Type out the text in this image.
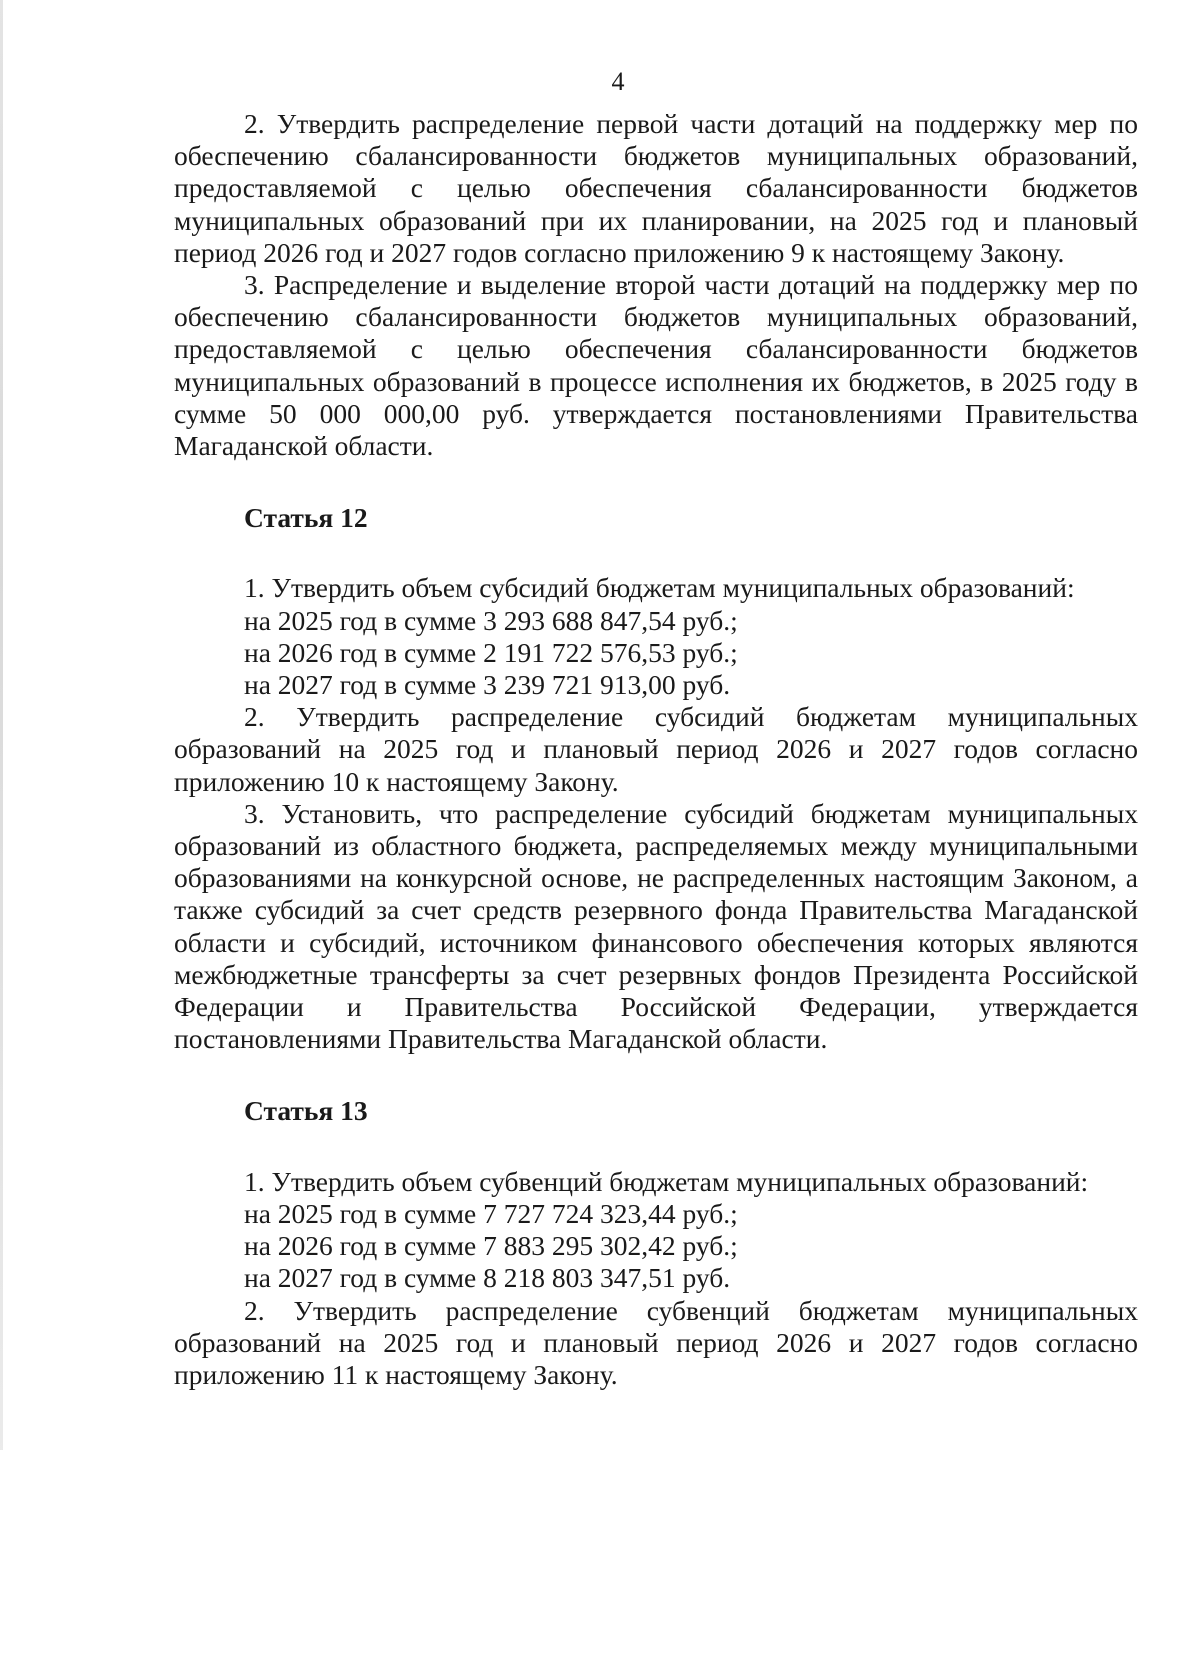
4

2. Утвердить распределение первой части дотаций на поддержку мер по обеспечению сбалансированности бюджетов муниципальных образований, предоставляемой с целью обеспечения сбалансированности бюджетов муниципальных образований при их планировании, на 2025 год и плановый период 2026 год и 2027 годов согласно приложению 9 к настоящему Закону.

3. Распределение и выделение второй части дотаций на поддержку мер по обеспечению сбалансированности бюджетов муниципальных образований, предоставляемой с целью обеспечения сбалансированности бюджетов муниципальных образований в процессе исполнения их бюджетов, в 2025 году в сумме 50 000 000,00 руб. утверждается постановлениями Правительства Магаданской области.

Статья 12

1. Утвердить объем субсидий бюджетам муниципальных образований:

на 2025 год в сумме 3 293 688 847,54 руб.;

на 2026 год в сумме 2 191 722 576,53 руб.;

на 2027 год в сумме 3 239 721 913,00 руб.

2. Утвердить распределение субсидий бюджетам муниципальных образований на 2025 год и плановый период 2026 и 2027 годов согласно приложению 10 к настоящему Закону.

3. Установить, что распределение субсидий бюджетам муниципальных образований из областного бюджета, распределяемых между муниципальными образованиями на конкурсной основе, не распределенных настоящим Законом, а также субсидий за счет средств резервного фонда Правительства Магаданской области и субсидий, источником финансового обеспечения которых являются межбюджетные трансферты за счет резервных фондов Президента Российской Федерации и Правительства Российской Федерации, утверждается постановлениями Правительства Магаданской области.

Статья 13

1. Утвердить объем субвенций бюджетам муниципальных образований:

на 2025 год в сумме 7 727 724 323,44 руб.;

на 2026 год в сумме 7 883 295 302,42 руб.;

на 2027 год в сумме 8 218 803 347,51 руб.

2. Утвердить распределение субвенций бюджетам муниципальных образований на 2025 год и плановый период 2026 и 2027 годов согласно приложению 11 к настоящему Закону.
